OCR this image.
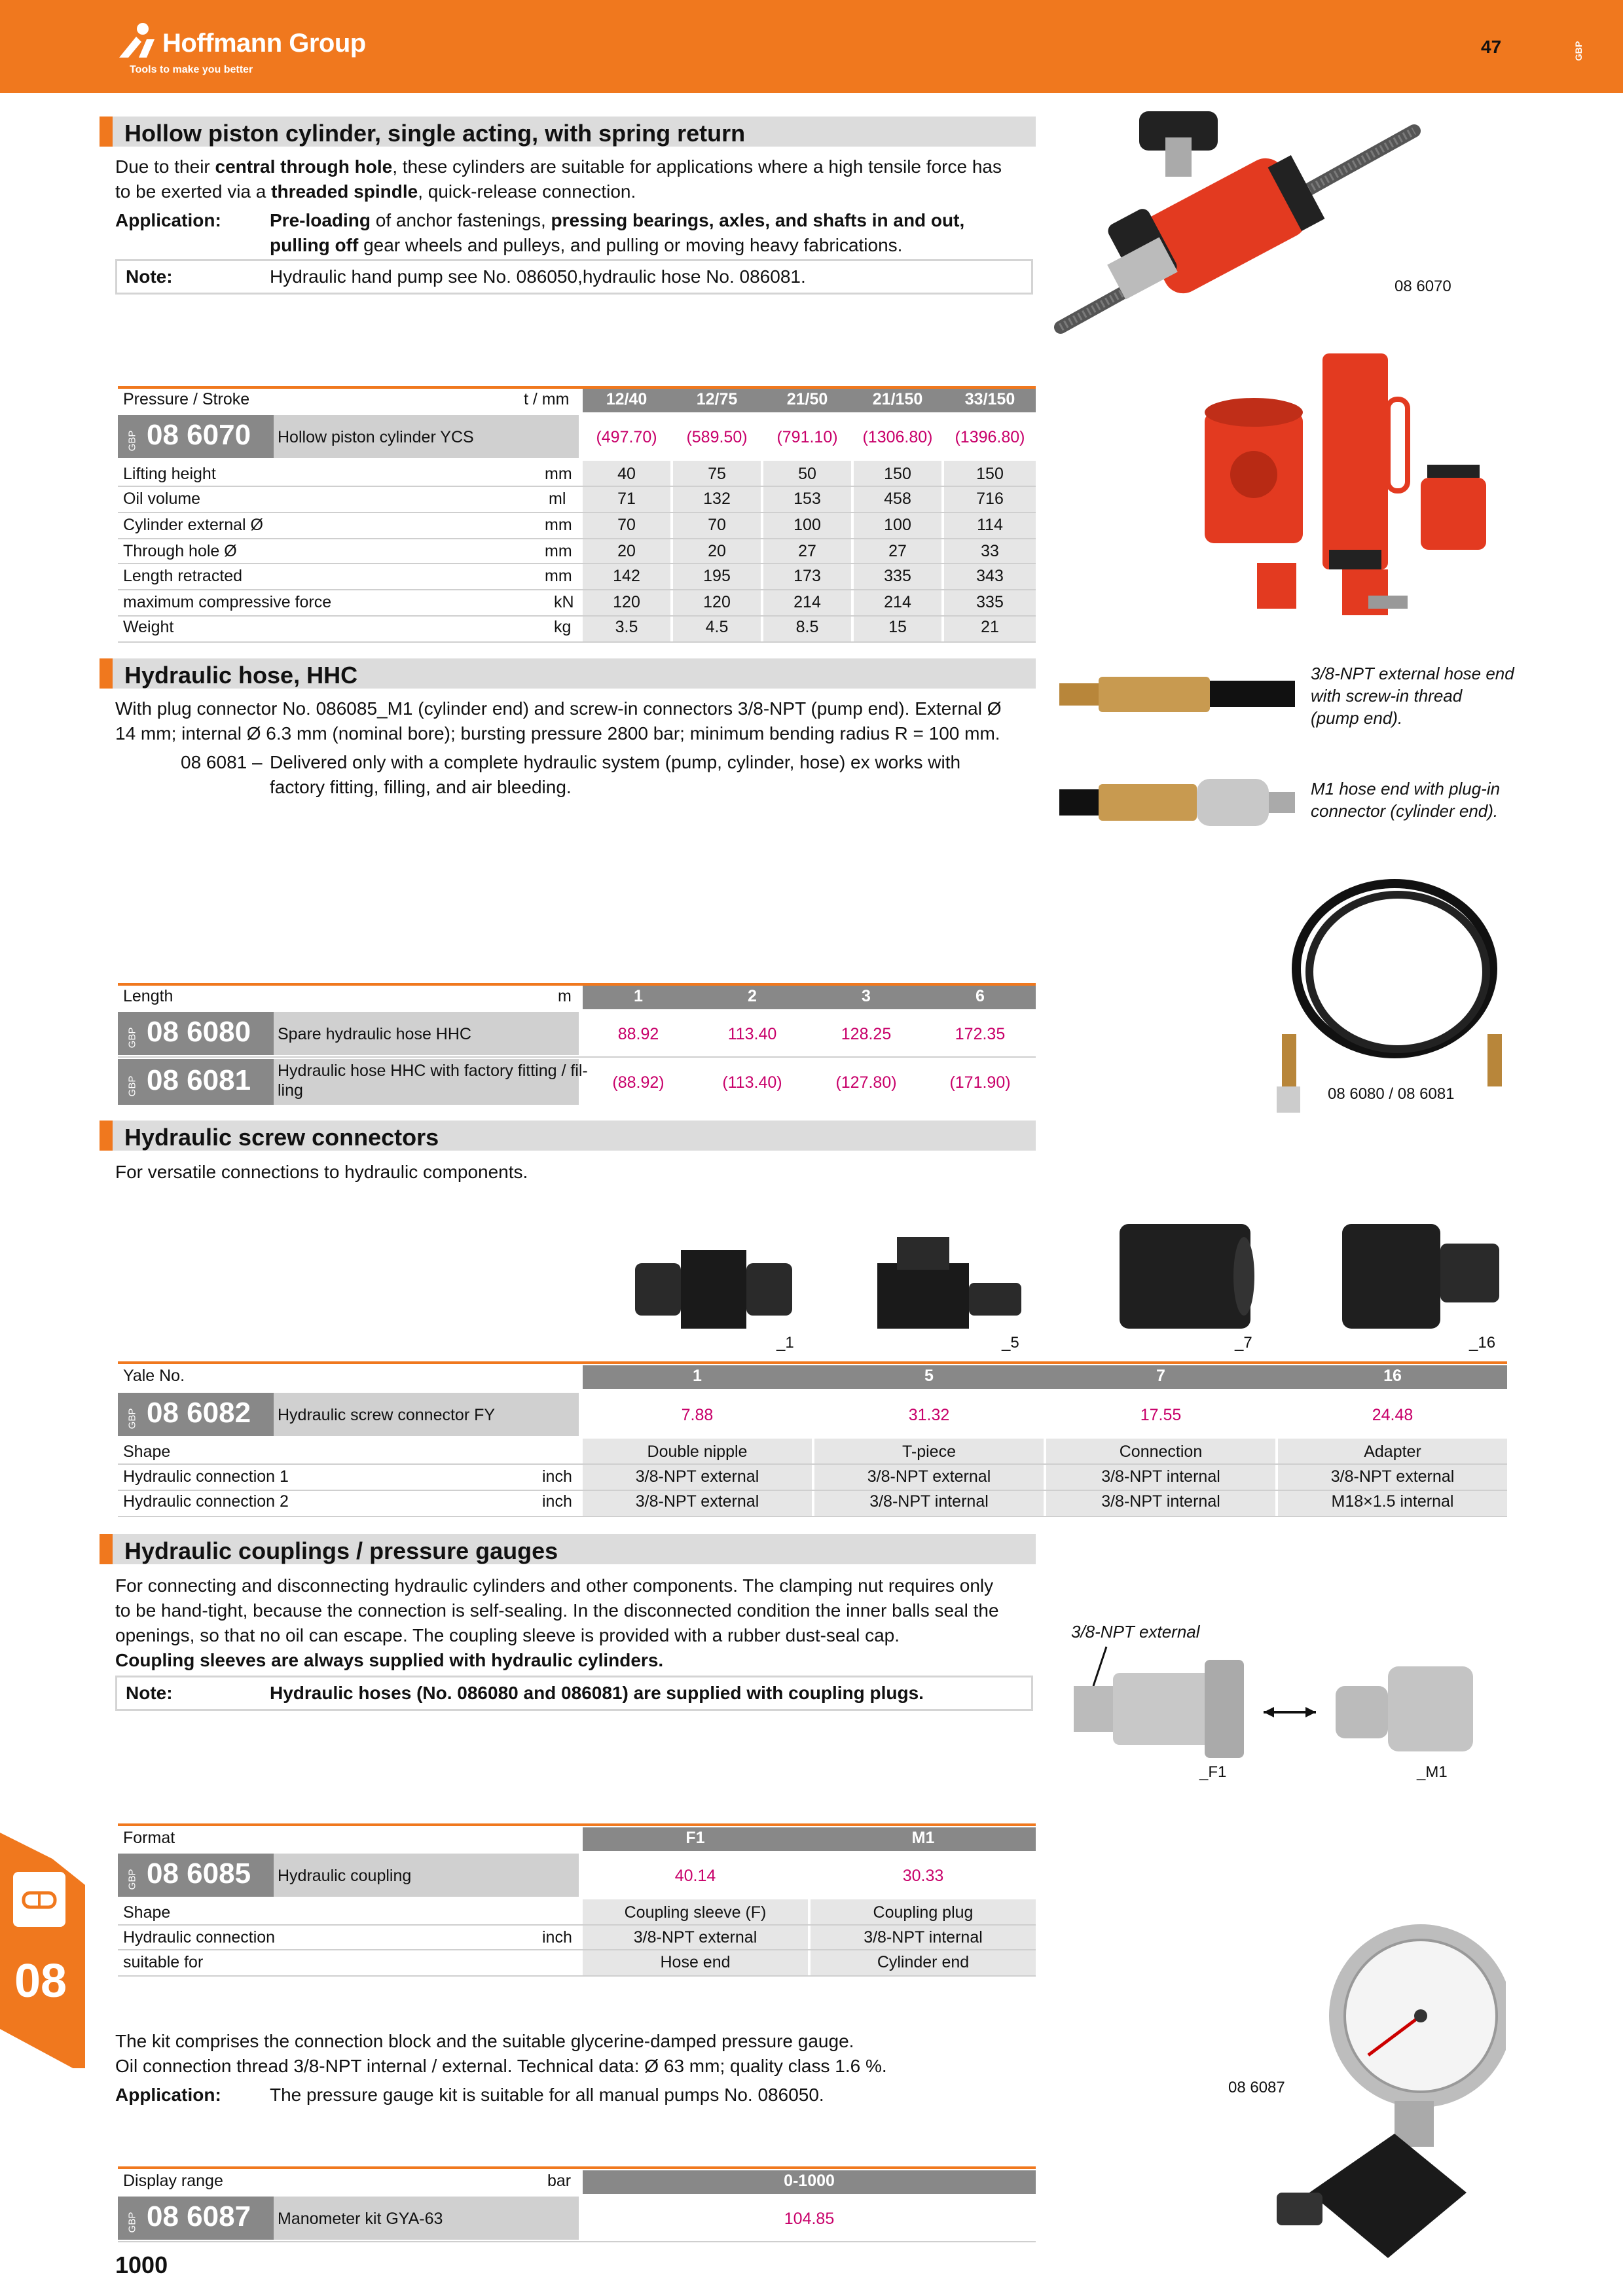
Hoffmann Group
Tools to make you better
47	GBP
Hollow piston cylinder, single acting, with spring return
Due to their central through hole, these cylinders are suitable for applications where a high tensile force has
to be exerted via a threaded spindle, quick-release connection.
Application:	Pre-loading of anchor fastenings, pressing bearings, axles, and shafts in and out,
pulling off gear wheels and pulleys, and pulling or moving heavy fabrications.
Note:	Hydraulic hand pump see No. 086050,hydraulic hose No. 086081.	08 6070
Pressure / Stroke	t / mm	12/40	12/75	21/50	21/150	33/150
GBP 08 6070 Hollow piston cylinder YCS	(497.70)	(589.50)	(791.10)	(1306.80)	(1396.80)
Lifting height	mm	40	75	50	150	150
Oil volume	ml	71	132	153	458	716
Cylinder external Ø	mm	70	70	100	100	114
Through hole Ø	mm	20	20	27	27	33
Length retracted	mm	142	195	173	335	343
maximum compressive force	kN	120	120	214	214	335
Weight	kg	3.5	4.5	8.5	15	21
Hydraulic hose, HHC
With plug connector No. 086085_M1 (cylinder end) and screw-in connectors 3/8-NPT (pump end). External Ø
14 mm; internal Ø 6.3 mm (nominal bore); bursting pressure 2800 bar; minimum bending radius R = 100 mm.
08 6081 – Delivered only with a complete hydraulic system (pump, cylinder, hose) ex works with
factory fitting, filling, and air bleeding.
3/8-NPT external hose end
with screw-in thread
(pump end).
M1 hose end with plug-in
connector (cylinder end).
08 6080 / 08 6081
Length	m	1	2	3	6
GBP 08 6080 Spare hydraulic hose HHC	88.92	113.40	128.25	172.35
GBP 08 6081 Hydraulic hose HHC with factory fitting / fil-
ling	(88.92)	(113.40)	(127.80)	(171.90)
Hydraulic screw connectors
For versatile connections to hydraulic components.
_1	_5	_7	_16
Yale No.	1	5	7	16
GBP 08 6082 Hydraulic screw connector FY	7.88	31.32	17.55	24.48
Shape	Double nipple	T-piece	Connection	Adapter
Hydraulic connection 1	inch	3/8-NPT external	3/8-NPT external	3/8-NPT internal	3/8-NPT external
Hydraulic connection 2	inch	3/8-NPT external	3/8-NPT internal	3/8-NPT internal	M18×1.5 internal
Hydraulic couplings / pressure gauges
For connecting and disconnecting hydraulic cylinders and other components. The clamping nut requires only
to be hand-tight, because the connection is self-sealing. In the disconnected condition the inner balls seal the
openings, so that no oil can escape. The coupling sleeve is provided with a rubber dust-seal cap.
Coupling sleeves are always supplied with hydraulic cylinders.
Note:	Hydraulic hoses (No. 086080 and 086081) are supplied with coupling plugs.
3/8-NPT external
_F1	_M1
Format	F1	M1
GBP 08 6085 Hydraulic coupling	40.14	30.33
Shape	Coupling sleeve (F)	Coupling plug
Hydraulic connection	inch	3/8-NPT external	3/8-NPT internal
suitable for	Hose end	Cylinder end
The kit comprises the connection block and the suitable glycerine-damped pressure gauge.
Oil connection thread 3/8-NPT internal / external. Technical data: Ø 63 mm; quality class 1.6 %.
Application:	The pressure gauge kit is suitable for all manual pumps No. 086050.	08 6087
Display range	bar	0-1000
GBP 08 6087 Manometer kit GYA-63	104.85
1000
08
